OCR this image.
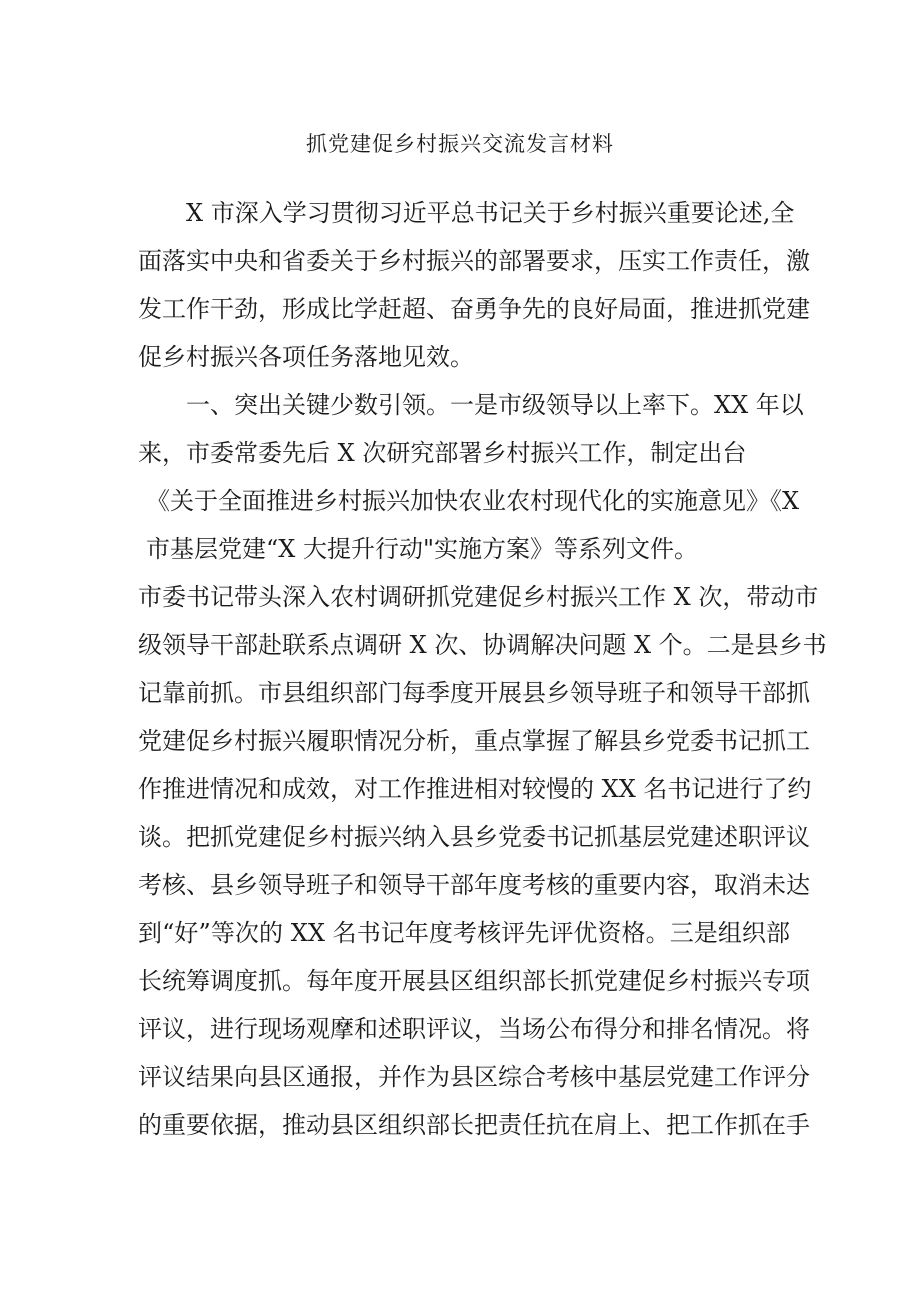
抓党建促乡村振兴交流发言材料
X 市深入学习贯彻习近平总书记关于乡村振兴重要论述,全
面落实中央和省委关于乡村振兴的部署要求，压实工作责任，激
发工作干劲，形成比学赶超、奋勇争先的良好局面，推进抓党建
促乡村振兴各项任务落地见效。
一、突出关键少数引领。一是市级领导以上率下。XX 年以
来，市委常委先后 X 次研究部署乡村振兴工作，制定出台
《关于全面推进乡村振兴加快农业农村现代化的实施意见》《X
市基层党建“X 大提升行动"实施方案》等系列文件。
市委书记带头深入农村调研抓党建促乡村振兴工作 X 次，带动市
级领导干部赴联系点调研 X 次、协调解决问题 X 个。二是县乡书
记靠前抓。市县组织部门每季度开展县乡领导班子和领导干部抓
党建促乡村振兴履职情况分析，重点掌握了解县乡党委书记抓工
作推进情况和成效，对工作推进相对较慢的 XX 名书记进行了约
谈。把抓党建促乡村振兴纳入县乡党委书记抓基层党建述职评议
考核、县乡领导班子和领导干部年度考核的重要内容，取消未达
到“好”等次的 XX 名书记年度考核评先评优资格。三是组织部
长统筹调度抓。每年度开展县区组织部长抓党建促乡村振兴专项
评议，进行现场观摩和述职评议，当场公布得分和排名情况。将
评议结果向县区通报，并作为县区综合考核中基层党建工作评分
的重要依据，推动县区组织部长把责任抗在肩上、把工作抓在手
